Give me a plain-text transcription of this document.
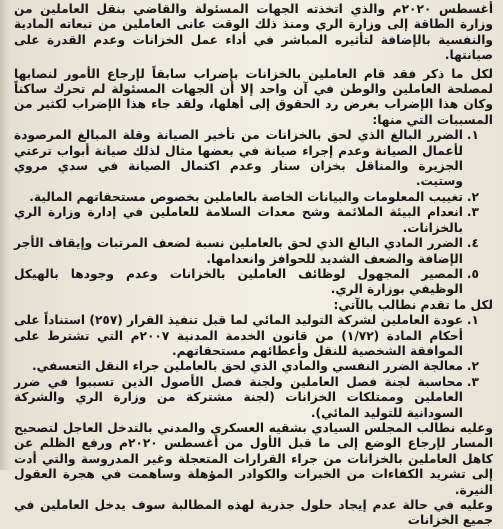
أغسطس ٢٠٢٠م والذي اتخذته الجهات المسئولة والقاضي بنقل العاملين من وزارة الطاقة إلى وزارة الري ومنذ ذلك الوقت عانى العاملين من تبعاته المادية والنفسية بالإضافة لتأثيره المباشر في أداء عمل الخزانات وعدم القدرة على صيانتها.

لكل ما ذكر فقد قام العاملين بالخزانات بإضراب سابقاً لإرجاع الأمور لنصابها لمصلحة العاملين والوطن في آن واحد إلا أن الجهات المسئولة لم تحرك ساكناً وكان هذا الإضراب بغرض رد الحقوق إلى أهلها، ولقد جاء هذا الإضراب لكثير من المسببات التي منها:

١.

الضرر البالغ الذي لحق بالخزانات من تأخير الصيانة وقلة المبالغ المرصودة لأعمال الصيانة وعدم إجراء صيانة في بعضها مثال لذلك صيانة أبواب ترعتي الجزيرة والمناقل بخزان سنار وعدم اكتمال الصيانة في سدي مروي وستيت.

٢.

تغييب المعلومات والبيانات الخاصة بالعاملين بخصوص مستحقاتهم المالية.

٣.

انعدام البيئة الملائمة وشح معدات السلامة للعاملين في إدارة وزارة الري بالخزانات.

٤.

الضرر المادي البالغ الذي لحق بالعاملين نسبة لضعف المرتبات وإيقاف الأجر الإضافة والضعف الشديد للحوافز وانعدامها.

٥.

المصير المجهول لوظائف العاملين بالخزانات وعدم وجودها بالهيكل الوظيفي بوزارة الري.

لكل ما تقدم نطالب بالآتي:

١.

عودة العاملين لشركة التوليد المائي لما قبل تنفيذ القرار (٢٥٧) استناداً على أحكام المادة (١/٧٢) من قانون الخدمة المدنية ٢٠٠٧م التي تشترط على الموافقة الشخصية للنقل وأعطائهم مستحقاتهم.

٢.

معالجة الضرر النفسي والمادي الذي لحق بالعاملين جراء النقل التعسفي.

٣.

محاسبة لجنة فصل العاملين ولجنة فصل الأصول الذين تسببوا في ضرر العاملين وممتلكات الخزانات (لجنة مشتركة من وزارة الري والشركة السودانية للتوليد المائي).

وعليه نطالب المجلس السيادي بشقيه العسكري والمدني بالتدخل العاجل لتصحيح المسار لإرجاع الوضع إلى ما قبل الأول من أغسطس ٢٠٢٠م ورفع الظلم عن كاهل العاملين بالخزانات من جراء القرارات المتعجلة وغير المدروسة والتي أدت إلى تشريد الكفاءات من الخبرات والكوادر المؤهلة وساهمت في هجرة العقول النيرة.

وعليه في حالة عدم إيجاد حلول جذرية لهذه المطالبة سوف يدخل العاملين في جميع الخزانات
